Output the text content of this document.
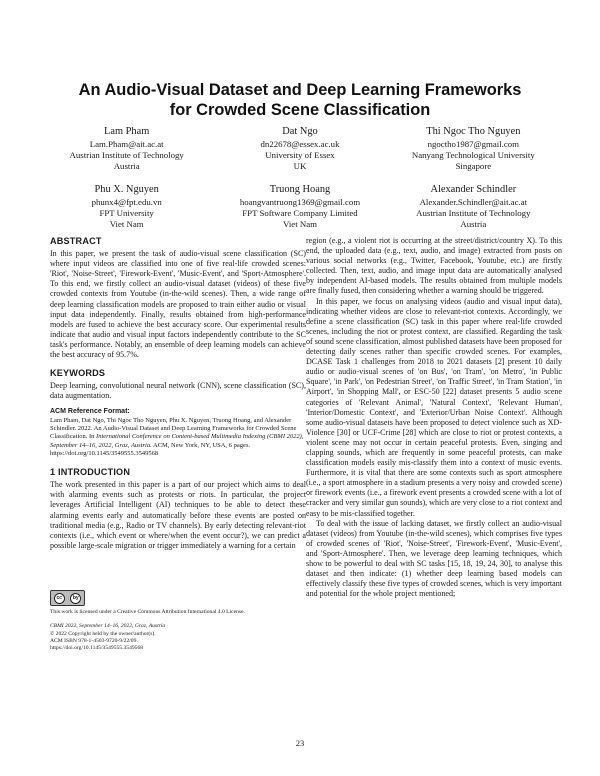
An Audio-Visual Dataset and Deep Learning Frameworks
for Crowded Scene Classification
Lam Pham
Lam.Pham@ait.ac.at
Austrian Institute of Technology
Austria
Dat Ngo
dn22678@essex.ac.uk
University of Essex
UK
Thi Ngoc Tho Nguyen
ngoctho1987@gmail.com
Nanyang Technological University
Singapore
Phu X. Nguyen
phunx4@fpt.edu.vn
FPT University
Viet Nam
Truong Hoang
hoangvantruong1369@gmail.com
FPT Software Company Limited
Viet Nam
Alexander Schindler
Alexander.Schindler@ait.ac.at
Austrian Institute of Technology
Austria
ABSTRACT

In this paper, we present the task of audio-visual scene classification (SC) where input videos are classified into one of five real-life crowded scenes: 'Riot', 'Noise-Street', 'Firework-Event', 'Music-Event', and 'Sport-Atmosphere'. To this end, we firstly collect an audio-visual dataset (videos) of these five crowded contexts from Youtube (in-the-wild scenes). Then, a wide range of deep learning classification models are proposed to train either audio or visual input data independently. Finally, results obtained from high-performance models are fused to achieve the best accuracy score. Our experimental results indicate that audio and visual input factors independently contribute to the SC task's performance. Notably, an ensemble of deep learning models can achieve the best accuracy of 95.7%.

KEYWORDS

Deep learning, convolutional neural network (CNN), scene classification (SC), data augmentation.

ACM Reference Format:

Lam Pham, Dat Ngo, Thi Ngoc Tho Nguyen, Phu X. Nguyen, Truong Hoang, and Alexander Schindler. 2022. An Audio-Visual Dataset and Deep Learning Frameworks for Crowded Scene Classification. In International Conference on Content-based Multimedia Indexing (CBMI 2022), September 14–16, 2022, Graz, Austria. ACM, New York, NY, USA, 6 pages. https://doi.org/10.1145/3549555.3549568

1 INTRODUCTION

The work presented in this paper is a part of our project which aims to deal with alarming events such as protests or riots. In particular, the project leverages Artificial Intelligent (AI) techniques to be able to detect these alarming events early and automatically before these events are posted on traditional media (e.g., Radio or TV channels). By early detecting relevant-riot contexts (i.e., which event or where/when the event occur?), we can predict a possible large-scale migration or trigger immediately a warning for a certain

cc	by
This work is licensed under a Creative Commons Attribution International 4.0 License.
CBMI 2022, September 14–16, 2022, Graz, Austria
© 2022 Copyright held by the owner/author(s).
ACM ISBN 978-1-4503-9720-9/22/09.
https://doi.org/10.1145/3549555.3549568

region (e.g., a violent riot is occurring at the street/district/country X). To this end, the uploaded data (e.g., text, audio, and image) extracted from posts on various social networks (e.g., Twitter, Facebook, Youtube, etc.) are firstly collected. Then, text, audio, and image input data are automatically analysed by independent AI-based models. The results obtained from multiple models are finally fused, then considering whether a warning should be triggered.

In this paper, we focus on analysing videos (audio and visual input data), indicating whether videos are close to relevant-riot contexts. Accordingly, we define a scene classification (SC) task in this paper where real-life crowded scenes, including the riot or protest context, are classified. Regarding the task of sound scene classification, almost published datasets have been proposed for detecting daily scenes rather than specific crowded scenes. For examples, DCASE Task 1 challenges from 2018 to 2021 datasets [2] present 10 daily audio or audio-visual scenes of 'on Bus', 'on Tram', 'on Metro', 'in Public Square', 'in Park', 'on Pedestrian Street', 'on Traffic Street', 'in Tram Station', 'in Airport', 'in Shopping Mall', or ESC-50 [22] dataset presents 5 audio scene categories of 'Relevant Animal', 'Natural Context', 'Relevant Human', 'Interior/Domestic Context', and 'Exterior/Urban Noise Context'. Although some audio-visual datasets have been proposed to detect violence such as XD-Violence [30] or UCF-Crime [28] which are close to riot or protest contexts, a violent scene may not occur in certain peaceful protests. Even, singing and clapping sounds, which are frequently in some peaceful protests, can make classification models easily mis-classify them into a context of music events. Furthermore, it is vital that there are some contexts such as sport atmosphere (i.e., a sport atmosphere in a stadium presents a very noisy and crowded scene) or firework events (i.e., a firework event presents a crowded scene with a lot of cracker and very similar gun sounds), which are very close to a riot context and easy to be mis-classified together.

To deal with the issue of lacking dataset, we firstly collect an audio-visual dataset (videos) from Youtube (in-the-wild scenes), which comprises five types of crowded scenes of 'Riot', 'Noise-Street', 'Firework-Event', 'Music-Event', and 'Sport-Atmosphere'. Then, we leverage deep learning techniques, which show to be powerful to deal with SC tasks [15, 18, 19, 24, 30], to analyse this dataset and then indicate: (1) whether deep learning based models can effectively classify these five types of crowded scenes, which is very important and potential for the whole project mentioned;

23
